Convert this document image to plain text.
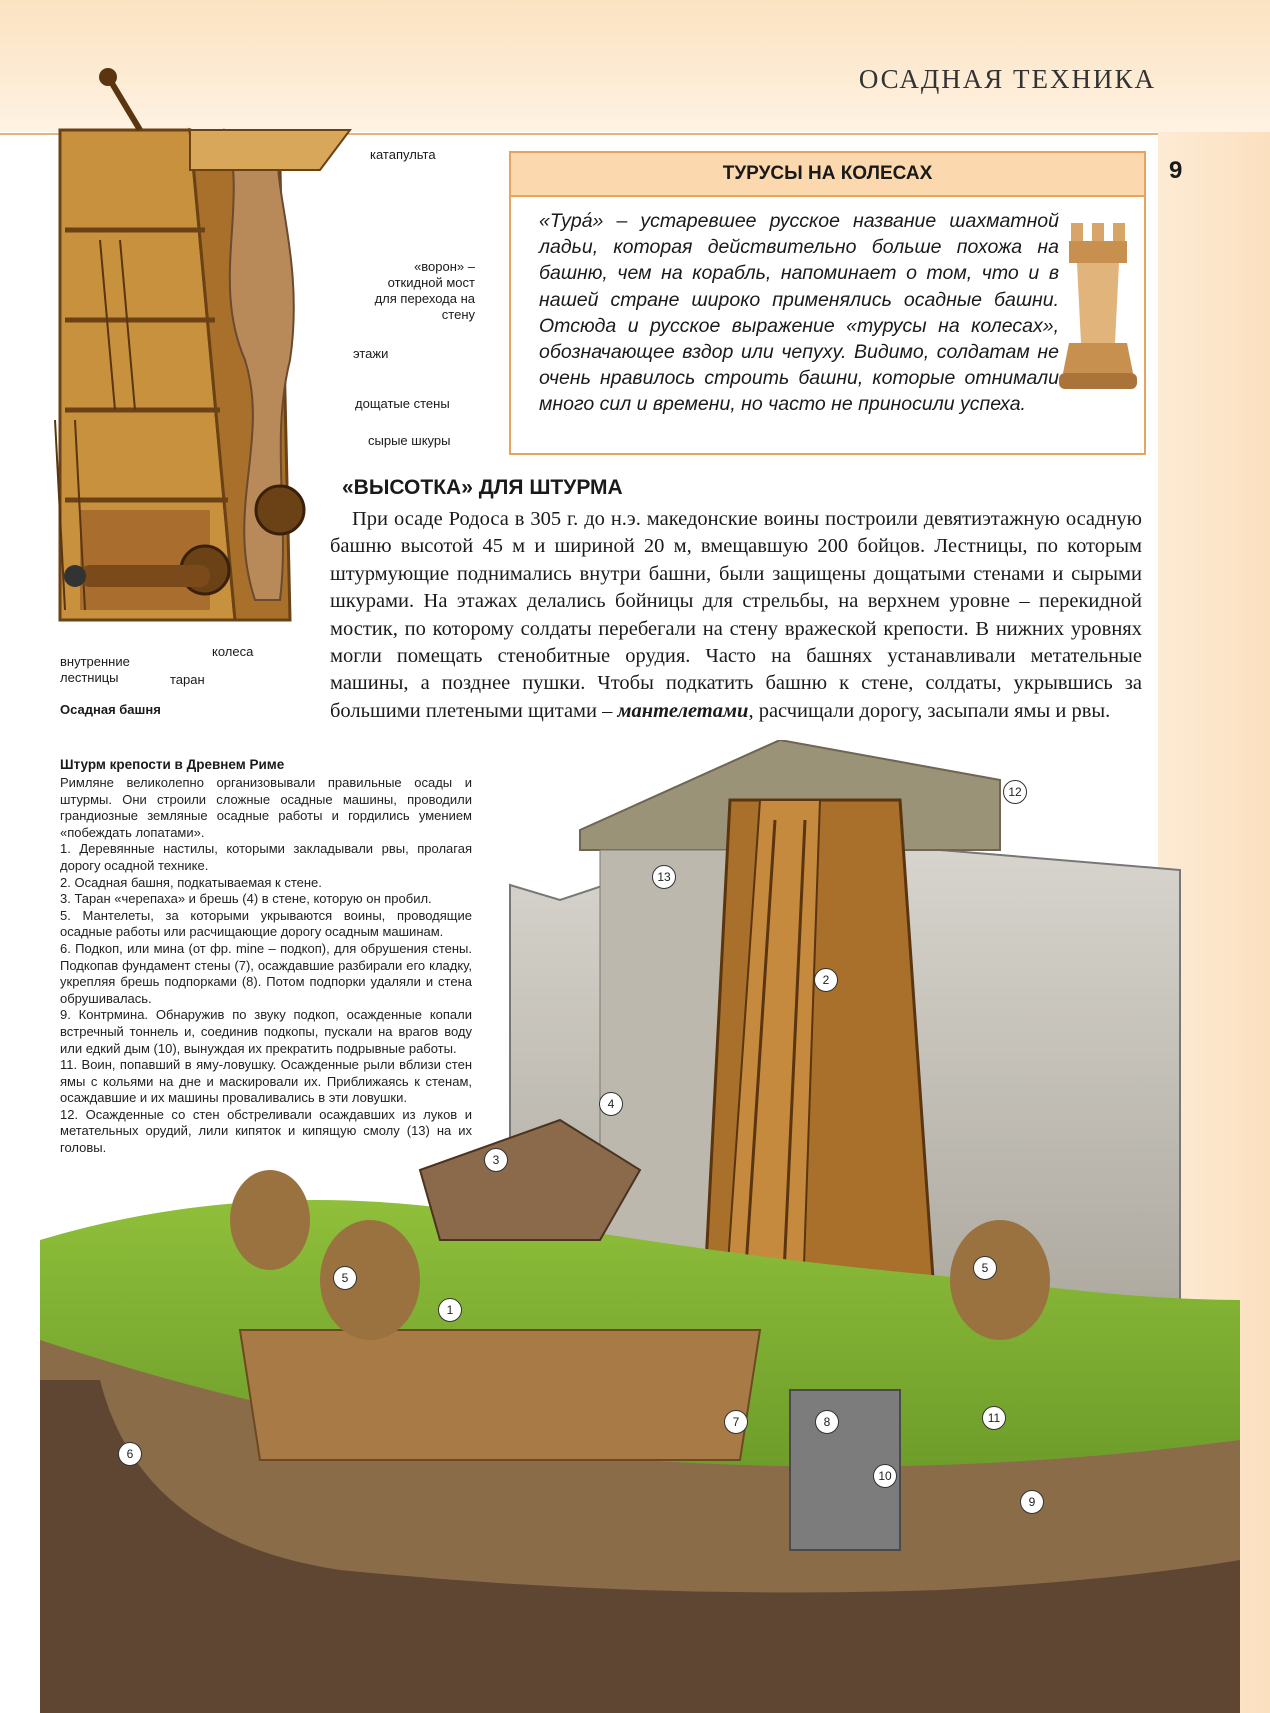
ОСАДНАЯ ТЕХНИКА
9
катапульта
«ворон» – откидной мост для перехода на стену
этажи
дощатые стены
сырые шкуры
колеса
внутренние лестницы	таран
Осадная башня
ТУРУСЫ НА КОЛЕСАХ
«Тура́» – устаревшее русское название шахматной ладьи, которая действительно больше похожа на башню, чем на корабль, напоминает о том, что и в нашей стране широко применялись осадные башни. Отсюда и русское выражение «турусы на колесах», обозначающее вздор или чепуху. Видимо, солдатам не очень нравилось строить башни, которые отнимали много сил и времени, но часто не приносили успеха.
«ВЫСОТКА» ДЛЯ ШТУРМА

При осаде Родоса в 305 г. до н.э. македонские воины построили девятиэтажную осадную башню высотой 45 м и шириной 20 м, вмещавшую 200 бойцов. Лестницы, по которым штурмующие поднимались внутри башни, были защищены дощатыми стенами и сырыми шкурами. На этажах делались бойницы для стрельбы, на верхнем уровне – перекидной мостик, по которому солдаты перебегали на стену вражеской крепости. В нижних уровнях могли помещать стенобитные орудия. Часто на башнях устанавливали метательные машины, а позднее пушки. Чтобы подкатить башню к стене, солдаты, укрывшись за большими плетеными щитами – мантелетами, расчищали дорогу, засыпали ямы и рвы.

Штурм крепости в Древнем Риме

Римляне великолепно организовывали правильные осады и штурмы. Они строили сложные осадные машины, проводили грандиозные земляные осадные работы и гордились умением «побеждать лопатами».

1. Деревянные настилы, которыми закладывали рвы, пролагая дорогу осадной технике.

2. Осадная башня, подкатываемая к стене.

3. Таран «черепаха» и брешь (4) в стене, которую он пробил.

5. Мантелеты, за которыми укрываются воины, проводящие осадные работы или расчищающие дорогу осадным машинам.

6. Подкоп, или мина (от фр. mine – подкоп), для обрушения стены. Подкопав фундамент стены (7), осаждавшие разбирали его кладку, укрепляя брешь подпорками (8). Потом подпорки удаляли и стена обрушивалась.

9. Контрмина. Обнаружив по звуку подкоп, осажденные копали встречный тоннель и, соединив подкопы, пускали на врагов воду или едкий дым (10), вынуждая их прекратить подрывные работы.

11. Воин, попавший в яму-ловушку. Осажденные рыли вблизи стен ямы с кольями на дне и маскировали их. Приближаясь к стенам, осаждавшие и их машины проваливались в эти ловушки.

12. Осажденные со стен обстреливали осаждавших из луков и метательных орудий, лили кипяток и кипящую смолу (13) на их головы.

13
12
2
4
3
5
5
1
6
7	8	11
10
9
